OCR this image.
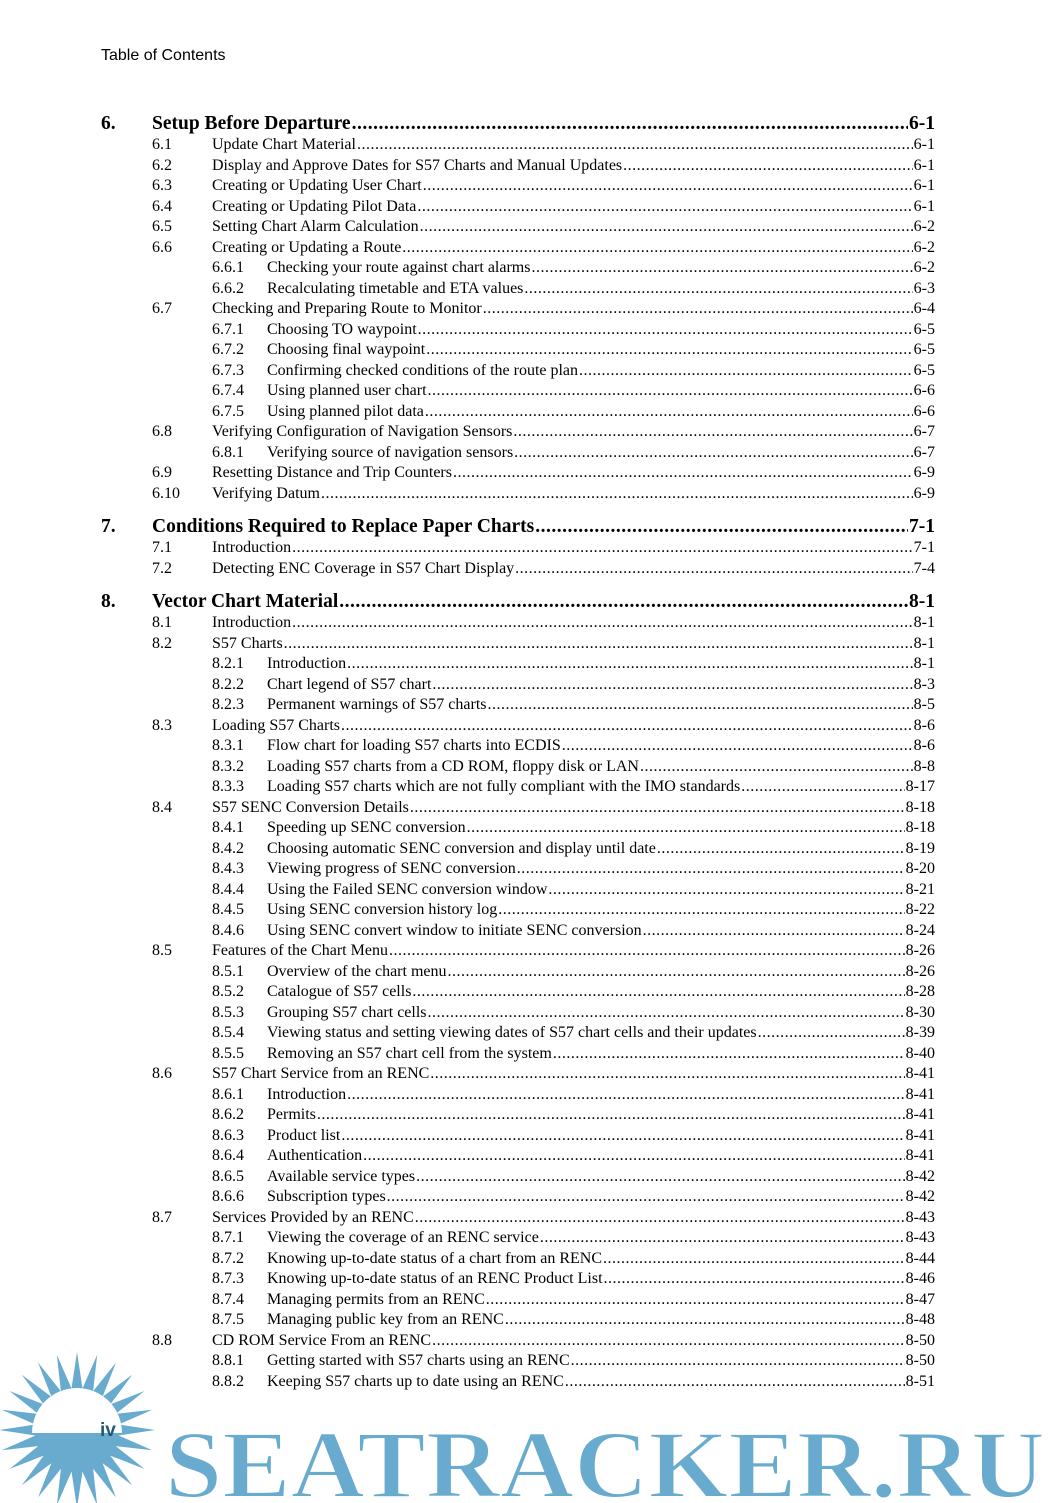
Table of Contents
6.	Setup Before Departure .....	6-1
6.1	Update Chart Material .....	6-1
6.2	Display and Approve Dates for S57 Charts and Manual Updates .....	6-1
6.3	Creating or Updating User Chart .....	6-1
6.4	Creating or Updating Pilot Data .....	6-1
6.5	Setting Chart Alarm Calculation .....	6-2
6.6	Creating or Updating a Route .....	6-2
6.6.1	Checking your route against chart alarms .....	6-2
6.6.2	Recalculating timetable and ETA values .....	6-3
6.7	Checking and Preparing Route to Monitor .....	6-4
6.7.1	Choosing TO waypoint .....	6-5
6.7.2	Choosing final waypoint .....	6-5
6.7.3	Confirming checked conditions of the route plan .....	6-5
6.7.4	Using planned user chart .....	6-6
6.7.5	Using planned pilot data .....	6-6
6.8	Verifying Configuration of Navigation Sensors .....	6-7
6.8.1	Verifying source of navigation sensors .....	6-7
6.9	Resetting Distance and Trip Counters .....	6-9
6.10	Verifying Datum .....	6-9
7.	Conditions Required to Replace Paper Charts .....	7-1
7.1	Introduction .....	7-1
7.2	Detecting ENC Coverage in S57 Chart Display .....	7-4
8.	Vector Chart Material .....	8-1
8.1	Introduction .....	8-1
8.2	S57 Charts .....	8-1
8.2.1	Introduction .....	8-1
8.2.2	Chart legend of S57 chart .....	8-3
8.2.3	Permanent warnings of S57 charts .....	8-5
8.3	Loading S57 Charts .....	8-6
8.3.1	Flow chart for loading S57 charts into ECDIS .....	8-6
8.3.2	Loading S57 charts from a CD ROM, floppy disk or LAN .....	8-8
8.3.3	Loading S57 charts which are not fully compliant with the IMO standards .....	8-17
8.4	S57 SENC Conversion Details .....	8-18
8.4.1	Speeding up SENC conversion .....	8-18
8.4.2	Choosing automatic SENC conversion and display until date .....	8-19
8.4.3	Viewing progress of SENC conversion .....	8-20
8.4.4	Using the Failed SENC conversion window .....	8-21
8.4.5	Using SENC conversion history log .....	8-22
8.4.6	Using SENC convert window to initiate SENC conversion .....	8-24
8.5	Features of the Chart Menu .....	8-26
8.5.1	Overview of the chart menu .....	8-26
8.5.2	Catalogue of S57 cells .....	8-28
8.5.3	Grouping S57 chart cells .....	8-30
8.5.4	Viewing status and setting viewing dates of S57 chart cells and their updates .....	8-39
8.5.5	Removing an S57 chart cell from the system .....	8-40
8.6	S57 Chart Service from an RENC .....	8-41
8.6.1	Introduction .....	8-41
8.6.2	Permits .....	8-41
8.6.3	Product list .....	8-41
8.6.4	Authentication .....	8-41
8.6.5	Available service types .....	8-42
8.6.6	Subscription types .....	8-42
8.7	Services Provided by an RENC .....	8-43
8.7.1	Viewing the coverage of an RENC service .....	8-43
8.7.2	Knowing up-to-date status of a chart from an RENC .....	8-44
8.7.3	Knowing up-to-date status of an RENC Product List .....	8-46
8.7.4	Managing permits from an RENC .....	8-47
8.7.5	Managing public key from an RENC .....	8-48
8.8	CD ROM Service From an RENC .....	8-50
8.8.1	Getting started with S57 charts using an RENC .....	8-50
8.8.2	Keeping S57 charts up to date using an RENC .....	8-51
SEATRACKER.RU
iv
